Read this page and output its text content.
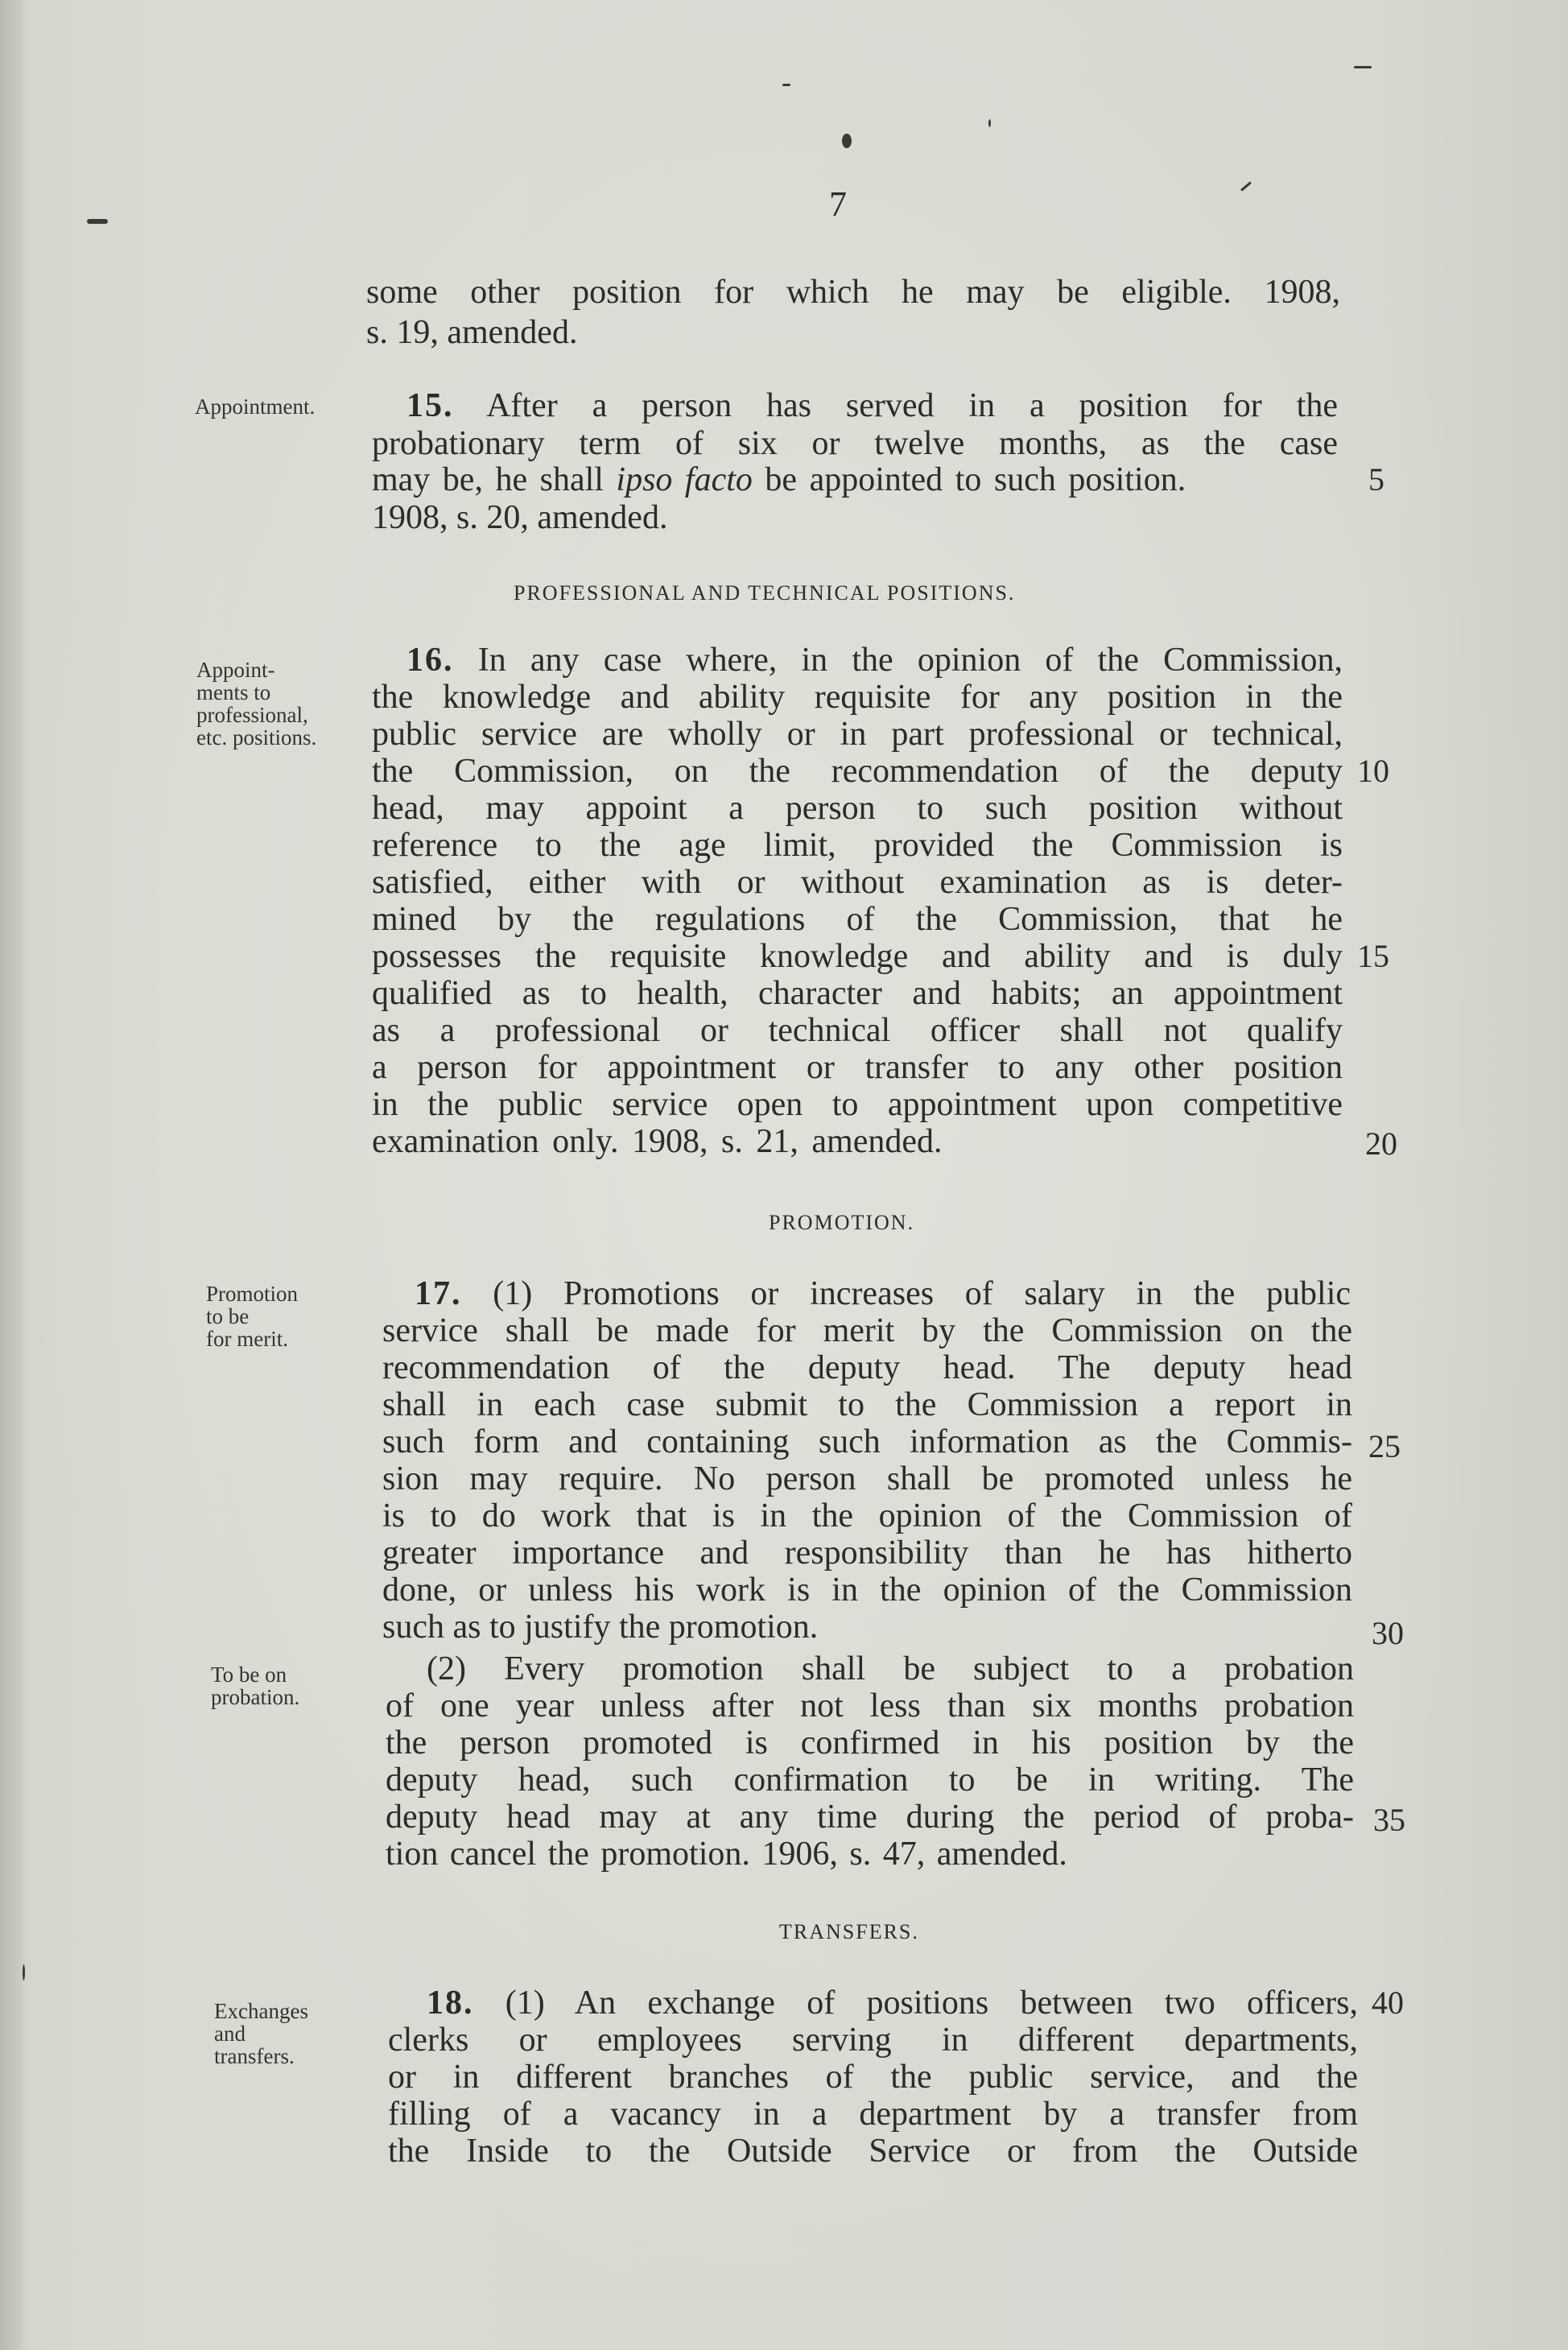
7
some other position for which he may be eligible. 1908,
s. 19, amended.
Appointment.	15. After a person has served in a position for the
probationary term of six or twelve months, as the case
may be, he shall ipso facto be appointed to such position.	5
1908, s. 20, amended.
PROFESSIONAL AND TECHNICAL POSITIONS.
Appoint-
ments to
professional,
etc. positions.
16. In any case where, in the opinion of the Commission,
the knowledge and ability requisite for any position in the
public service are wholly or in part professional or technical,
the Commission, on the recommendation of the deputy 10
head, may appoint a person to such position without
reference to the age limit, provided the Commission is
satisfied, either with or without examination as is deter-
mined by the regulations of the Commission, that he
possesses the requisite knowledge and ability and is duly 15
qualified as to health, character and habits; an appointment
as a professional or technical officer shall not qualify
a person for appointment or transfer to any other position
in the public service open to appointment upon competitive
examination only. 1908, s. 21, amended.	20
PROMOTION.
Promotion
to be
for merit.
17. (1) Promotions or increases of salary in the public
service shall be made for merit by the Commission on the
recommendation of the deputy head. The deputy head
shall in each case submit to the Commission a report in
such form and containing such information as the Commis- 25
sion may require. No person shall be promoted unless he
is to do work that is in the opinion of the Commission of
greater importance and responsibility than he has hitherto
done, or unless his work is in the opinion of the Commission
such as to justify the promotion.	30
To be on
probation.
(2) Every promotion shall be subject to a probation
of one year unless after not less than six months probation
the person promoted is confirmed in his position by the
deputy head, such confirmation to be in writing. The
deputy head may at any time during the period of proba- 35
tion cancel the promotion. 1906, s. 47, amended.
TRANSFERS.
Exchanges
and
transfers.
18. (1) An exchange of positions between two officers, 40
clerks or employees serving in different departments,
or in different branches of the public service, and the
filling of a vacancy in a department by a transfer from
the Inside to the Outside Service or from the Outside
